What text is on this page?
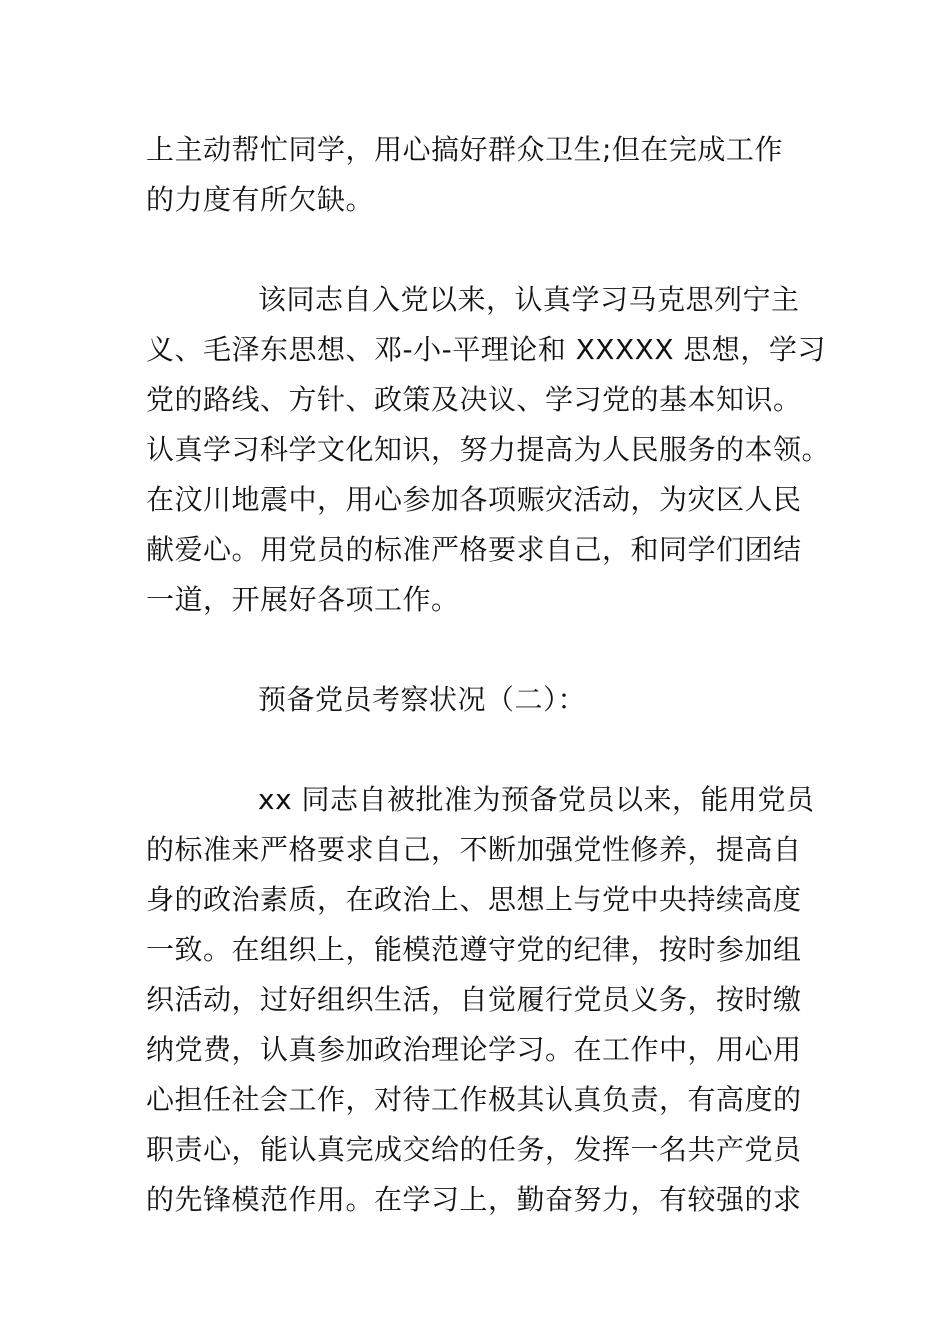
上主动帮忙同学，用心搞好群众卫生;但在完成工作
的力度有所欠缺。
该同志自入党以来，认真学习马克思列宁主
义、毛泽东思想、邓-小-平理论和 XXXXX 思想，学习
党的路线、方针、政策及决议、学习党的基本知识。
认真学习科学文化知识，努力提高为人民服务的本领。
在汶川地震中，用心参加各项赈灾活动，为灾区人民
献爱心。用党员的标准严格要求自己，和同学们团结
一道，开展好各项工作。
预备党员考察状况（二）：
xx 同志自被批准为预备党员以来，能用党员
的标准来严格要求自己，不断加强党性修养，提高自
身的政治素质，在政治上、思想上与党中央持续高度
一致。在组织上，能模范遵守党的纪律，按时参加组
织活动，过好组织生活，自觉履行党员义务，按时缴
纳党费，认真参加政治理论学习。在工作中，用心用
心担任社会工作，对待工作极其认真负责，有高度的
职责心，能认真完成交给的任务，发挥一名共产党员
的先锋模范作用。在学习上，勤奋努力，有较强的求
